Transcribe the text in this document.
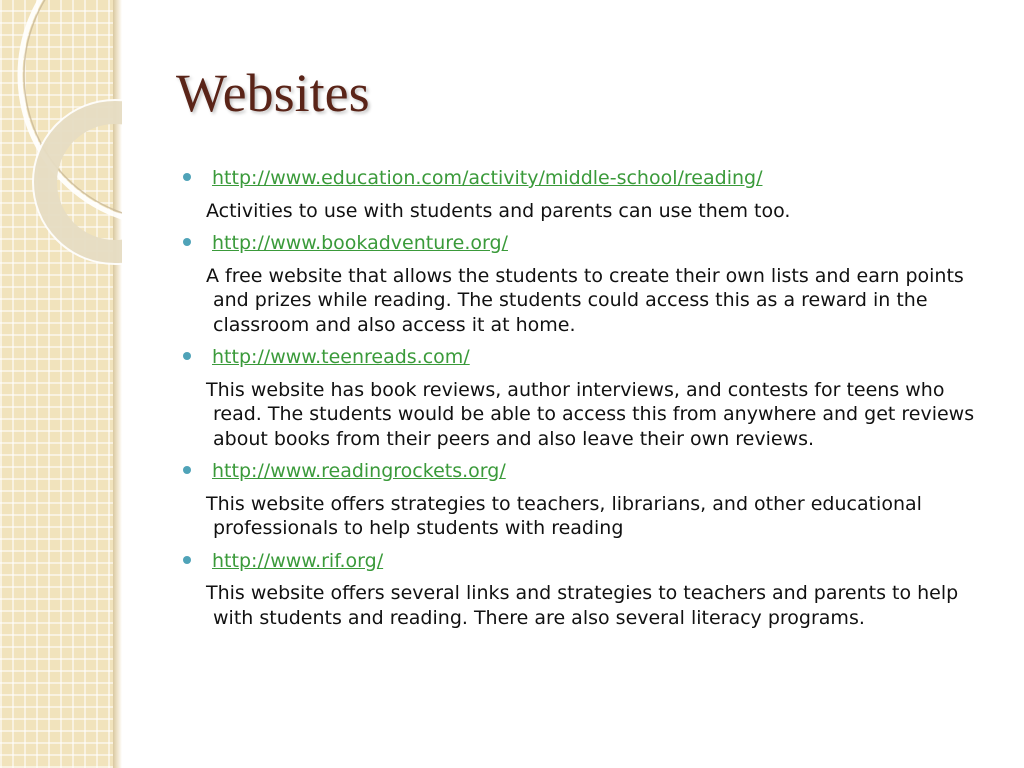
Websites
http://www.education.com/activity/middle-school/reading/

Activities to use with students and parents can use them too.

http://www.bookadventure.org/

A free website that allows the students to create their own lists and earn points and prizes while reading. The students could access this as a reward in the classroom and also access it at home.

http://www.teenreads.com/

This website has book reviews, author interviews, and contests for teens who read. The students would be able to access this from anywhere and get reviews about books from their peers and also leave their own reviews.

http://www.readingrockets.org/

This website offers strategies to teachers, librarians, and other educational professionals to help students with reading

http://www.rif.org/

This website offers several links and strategies to teachers and parents to help with students and reading. There are also several literacy programs.
